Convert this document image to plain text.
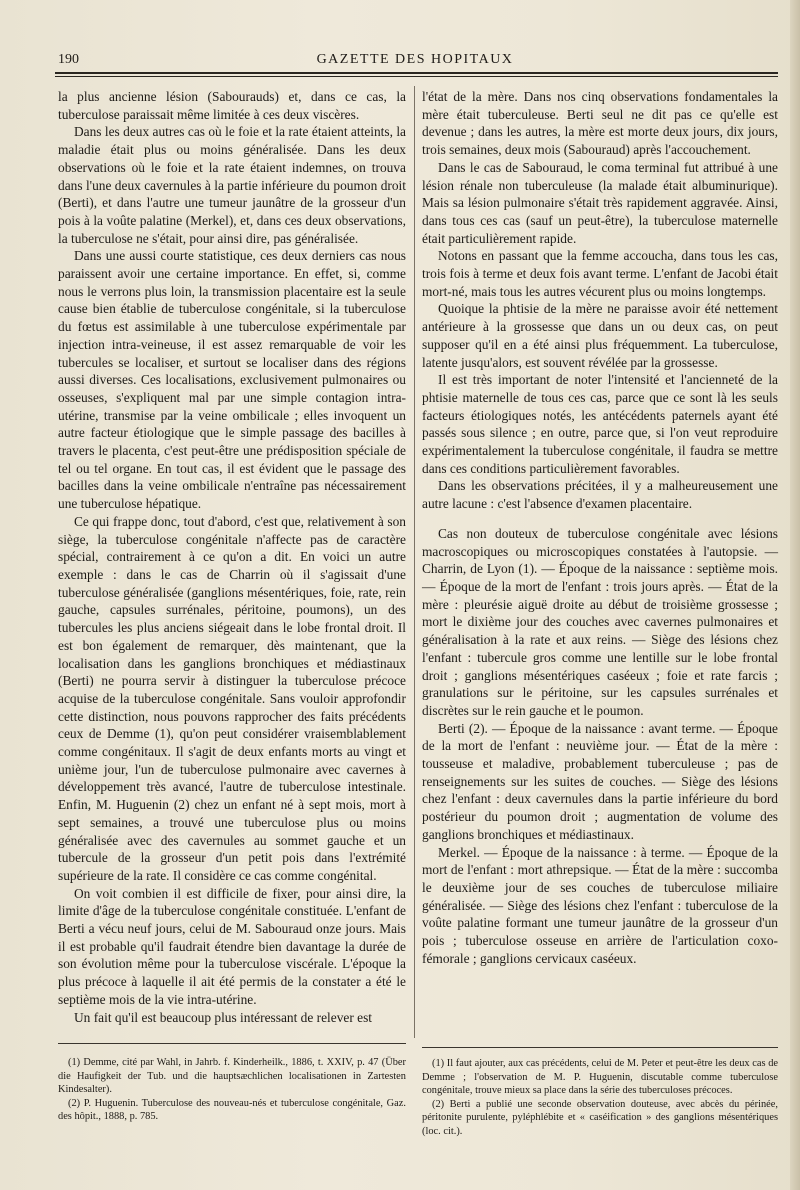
190	GAZETTE DES HOPITAUX

la plus ancienne lésion (Sabourauds) et, dans ce cas, la tuberculose paraissait même limitée à ces deux viscères.

Dans les deux autres cas où le foie et la rate étaient atteints, la maladie était plus ou moins généralisée. Dans les deux observations où le foie et la rate étaient indemnes, on trouva dans l'une deux cavernules à la partie inférieure du poumon droit (Berti), et dans l'autre une tumeur jaunâtre de la grosseur d'un pois à la voûte palatine (Merkel), et, dans ces deux observations, la tuberculose ne s'était, pour ainsi dire, pas généralisée.

Dans une aussi courte statistique, ces deux derniers cas nous paraissent avoir une certaine importance. En effet, si, comme nous le verrons plus loin, la transmission placentaire est la seule cause bien établie de tuberculose congénitale, si la tuberculose du fœtus est assimilable à une tuberculose expérimentale par injection intra-veineuse, il est assez remarquable de voir les tubercules se localiser, et surtout se localiser dans des régions aussi diverses. Ces localisations, exclusivement pulmonaires ou osseuses, s'expliquent mal par une simple contagion intra-utérine, transmise par la veine ombilicale ; elles invoquent un autre facteur étiologique que le simple passage des bacilles à travers le placenta, c'est peut-être une prédisposition spéciale de tel ou tel organe. En tout cas, il est évident que le passage des bacilles dans la veine ombilicale n'entraîne pas nécessairement une tuberculose hépatique.

Ce qui frappe donc, tout d'abord, c'est que, relativement à son siège, la tuberculose congénitale n'affecte pas de caractère spécial, contrairement à ce qu'on a dit. En voici un autre exemple : dans le cas de Charrin où il s'agissait d'une tuberculose généralisée (ganglions mésentériques, foie, rate, rein gauche, capsules surrénales, péritoine, poumons), un des tubercules les plus anciens siégeait dans le lobe frontal droit. Il est bon également de remarquer, dès maintenant, que la localisation dans les ganglions bronchiques et médiastinaux (Berti) ne pourra servir à distinguer la tuberculose précoce acquise de la tuberculose congénitale. Sans vouloir approfondir cette distinction, nous pouvons rapprocher des faits précédents ceux de Demme (1), qu'on peut considérer vraisemblablement comme congénitaux. Il s'agit de deux enfants morts au vingt et unième jour, l'un de tuberculose pulmonaire avec cavernes à développement très avancé, l'autre de tuberculose intestinale. Enfin, M. Huguenin (2) chez un enfant né à sept mois, mort à sept semaines, a trouvé une tuberculose plus ou moins généralisée avec des cavernules au sommet gauche et un tubercule de la grosseur d'un petit pois dans l'extrémité supérieure de la rate. Il considère ce cas comme congénital.

On voit combien il est difficile de fixer, pour ainsi dire, la limite d'âge de la tuberculose congénitale constituée. L'enfant de Berti a vécu neuf jours, celui de M. Sabouraud onze jours. Mais il est probable qu'il faudrait étendre bien davantage la durée de son évolution même pour la tuberculose viscérale. L'époque la plus précoce à laquelle il ait été permis de la constater a été le septième mois de la vie intra-utérine.

Un fait qu'il est beaucoup plus intéressant de relever est

l'état de la mère. Dans nos cinq observations fondamentales la mère était tuberculeuse. Berti seul ne dit pas ce qu'elle est devenue ; dans les autres, la mère est morte deux jours, dix jours, trois semaines, deux mois (Sabouraud) après l'accouchement.

Dans le cas de Sabouraud, le coma terminal fut attribué à une lésion rénale non tuberculeuse (la malade était albuminurique). Mais sa lésion pulmonaire s'était très rapidement aggravée. Ainsi, dans tous ces cas (sauf un peut-être), la tuberculose maternelle était particulièrement rapide.

Notons en passant que la femme accoucha, dans tous les cas, trois fois à terme et deux fois avant terme. L'enfant de Jacobi était mort-né, mais tous les autres vécurent plus ou moins longtemps.

Quoique la phtisie de la mère ne paraisse avoir été nettement antérieure à la grossesse que dans un ou deux cas, on peut supposer qu'il en a été ainsi plus fréquemment. La tuberculose, latente jusqu'alors, est souvent révélée par la grossesse.

Il est très important de noter l'intensité et l'ancienneté de la phtisie maternelle de tous ces cas, parce que ce sont là les seuls facteurs étiologiques notés, les antécédents paternels ayant été passés sous silence ; en outre, parce que, si l'on veut reproduire expérimentalement la tuberculose congénitale, il faudra se mettre dans ces conditions particulièrement favorables.

Dans les observations précitées, il y a malheureusement une autre lacune : c'est l'absence d'examen placentaire.

Cas non douteux de tuberculose congénitale avec lésions macroscopiques ou microscopiques constatées à l'autopsie. — Charrin, de Lyon (1). — Époque de la naissance : septième mois. — Époque de la mort de l'enfant : trois jours après. — État de la mère : pleurésie aiguë droite au début de troisième grossesse ; mort le dixième jour des couches avec cavernes pulmonaires et généralisation à la rate et aux reins. — Siège des lésions chez l'enfant : tubercule gros comme une lentille sur le lobe frontal droit ; ganglions mésentériques caséeux ; foie et rate farcis ; granulations sur le péritoine, sur les capsules surrénales et discrètes sur le rein gauche et le poumon.

Berti (2). — Époque de la naissance : avant terme. — Époque de la mort de l'enfant : neuvième jour. — État de la mère : tousseuse et maladive, probablement tuberculeuse ; pas de renseignements sur les suites de couches. — Siège des lésions chez l'enfant : deux cavernules dans la partie inférieure du bord postérieur du poumon droit ; augmentation de volume des ganglions bronchiques et médiastinaux.

Merkel. — Époque de la naissance : à terme. — Époque de la mort de l'enfant : mort athrepsique. — État de la mère : succomba le deuxième jour de ses couches de tuberculose miliaire généralisée. — Siège des lésions chez l'enfant : tuberculose de la voûte palatine formant une tumeur jaunâtre de la grosseur d'un pois ; tuberculose osseuse en arrière de l'articulation coxo-fémorale ; ganglions cervicaux caséeux.

(1) Demme, cité par Wahl, in Jahrb. f. Kinderheilk., 1886, t. XXIV, p. 47 (Über die Haufigkeit der Tub. und die hauptsæchlichen localisationen in Zartesten Kindesalter).

(2) P. Huguenin. Tuberculose des nouveau-nés et tuberculose congénitale, Gaz. des hôpit., 1888, p. 785.

(1) Il faut ajouter, aux cas précédents, celui de M. Peter et peut-être les deux cas de Demme ; l'observation de M. P. Huguenin, discutable comme tuberculose congénitale, trouve mieux sa place dans la série des tuberculoses précoces.

(2) Berti a publié une seconde observation douteuse, avec abcès du périnée, péritonite purulente, pyléphlébite et « caséification » des ganglions mésentériques (loc. cit.).
